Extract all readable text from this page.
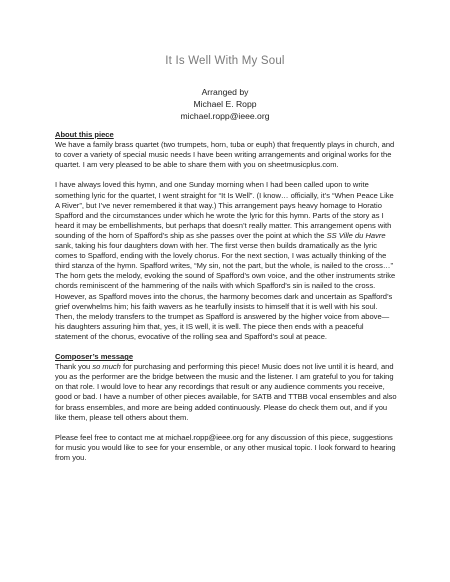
It Is Well With My Soul
Arranged by
Michael E. Ropp
michael.ropp@ieee.org
About this piece

We have a family brass quartet (two trumpets, horn, tuba or euph) that frequently plays in church, and to cover a variety of special music needs I have been writing arrangements and original works for the quartet. I am very pleased to be able to share them with you on sheetmusicplus.com.

I have always loved this hymn, and one Sunday morning when I had been called upon to write something lyric for the quartet, I went straight for “It Is Well”. (I know… officially, it’s “When Peace Like A River”, but I’ve never remembered it that way.) This arrangement pays heavy homage to Horatio Spafford and the circumstances under which he wrote the lyric for this hymn. Parts of the story as I heard it may be embellishments, but perhaps that doesn’t really matter. This arrangement opens with sounding of the horn of Spafford’s ship as she passes over the point at which the SS Ville du Havre sank, taking his four daughters down with her. The first verse then builds dramatically as the lyric comes to Spafford, ending with the lovely chorus. For the next section, I was actually thinking of the third stanza of the hymn. Spafford writes, “My sin, not the part, but the whole, is nailed to the cross…” The horn gets the melody, evoking the sound of Spafford’s own voice, and the other instruments strike chords reminiscent of the hammering of the nails with which Spafford’s sin is nailed to the cross. However, as Spafford moves into the chorus, the harmony becomes dark and uncertain as Spafford’s grief overwhelms him; his faith wavers as he tearfully insists to himself that it is well with his soul. Then, the melody transfers to the trumpet as Spafford is answered by the higher voice from above—his daughters assuring him that, yes, it IS well, it is well. The piece then ends with a peaceful statement of the chorus, evocative of the rolling sea and Spafford’s soul at peace.

Composer’s message

Thank you so much for purchasing and performing this piece! Music does not live until it is heard, and you as the performer are the bridge between the music and the listener. I am grateful to you for taking on that role. I would love to hear any recordings that result or any audience comments you receive, good or bad. I have a number of other pieces available, for SATB and TTBB vocal ensembles and also for brass ensembles, and more are being added continuously. Please do check them out, and if you like them, please tell others about them.

Please feel free to contact me at michael.ropp@ieee.org for any discussion of this piece, suggestions for music you would like to see for your ensemble, or any other musical topic. I look forward to hearing from you.
